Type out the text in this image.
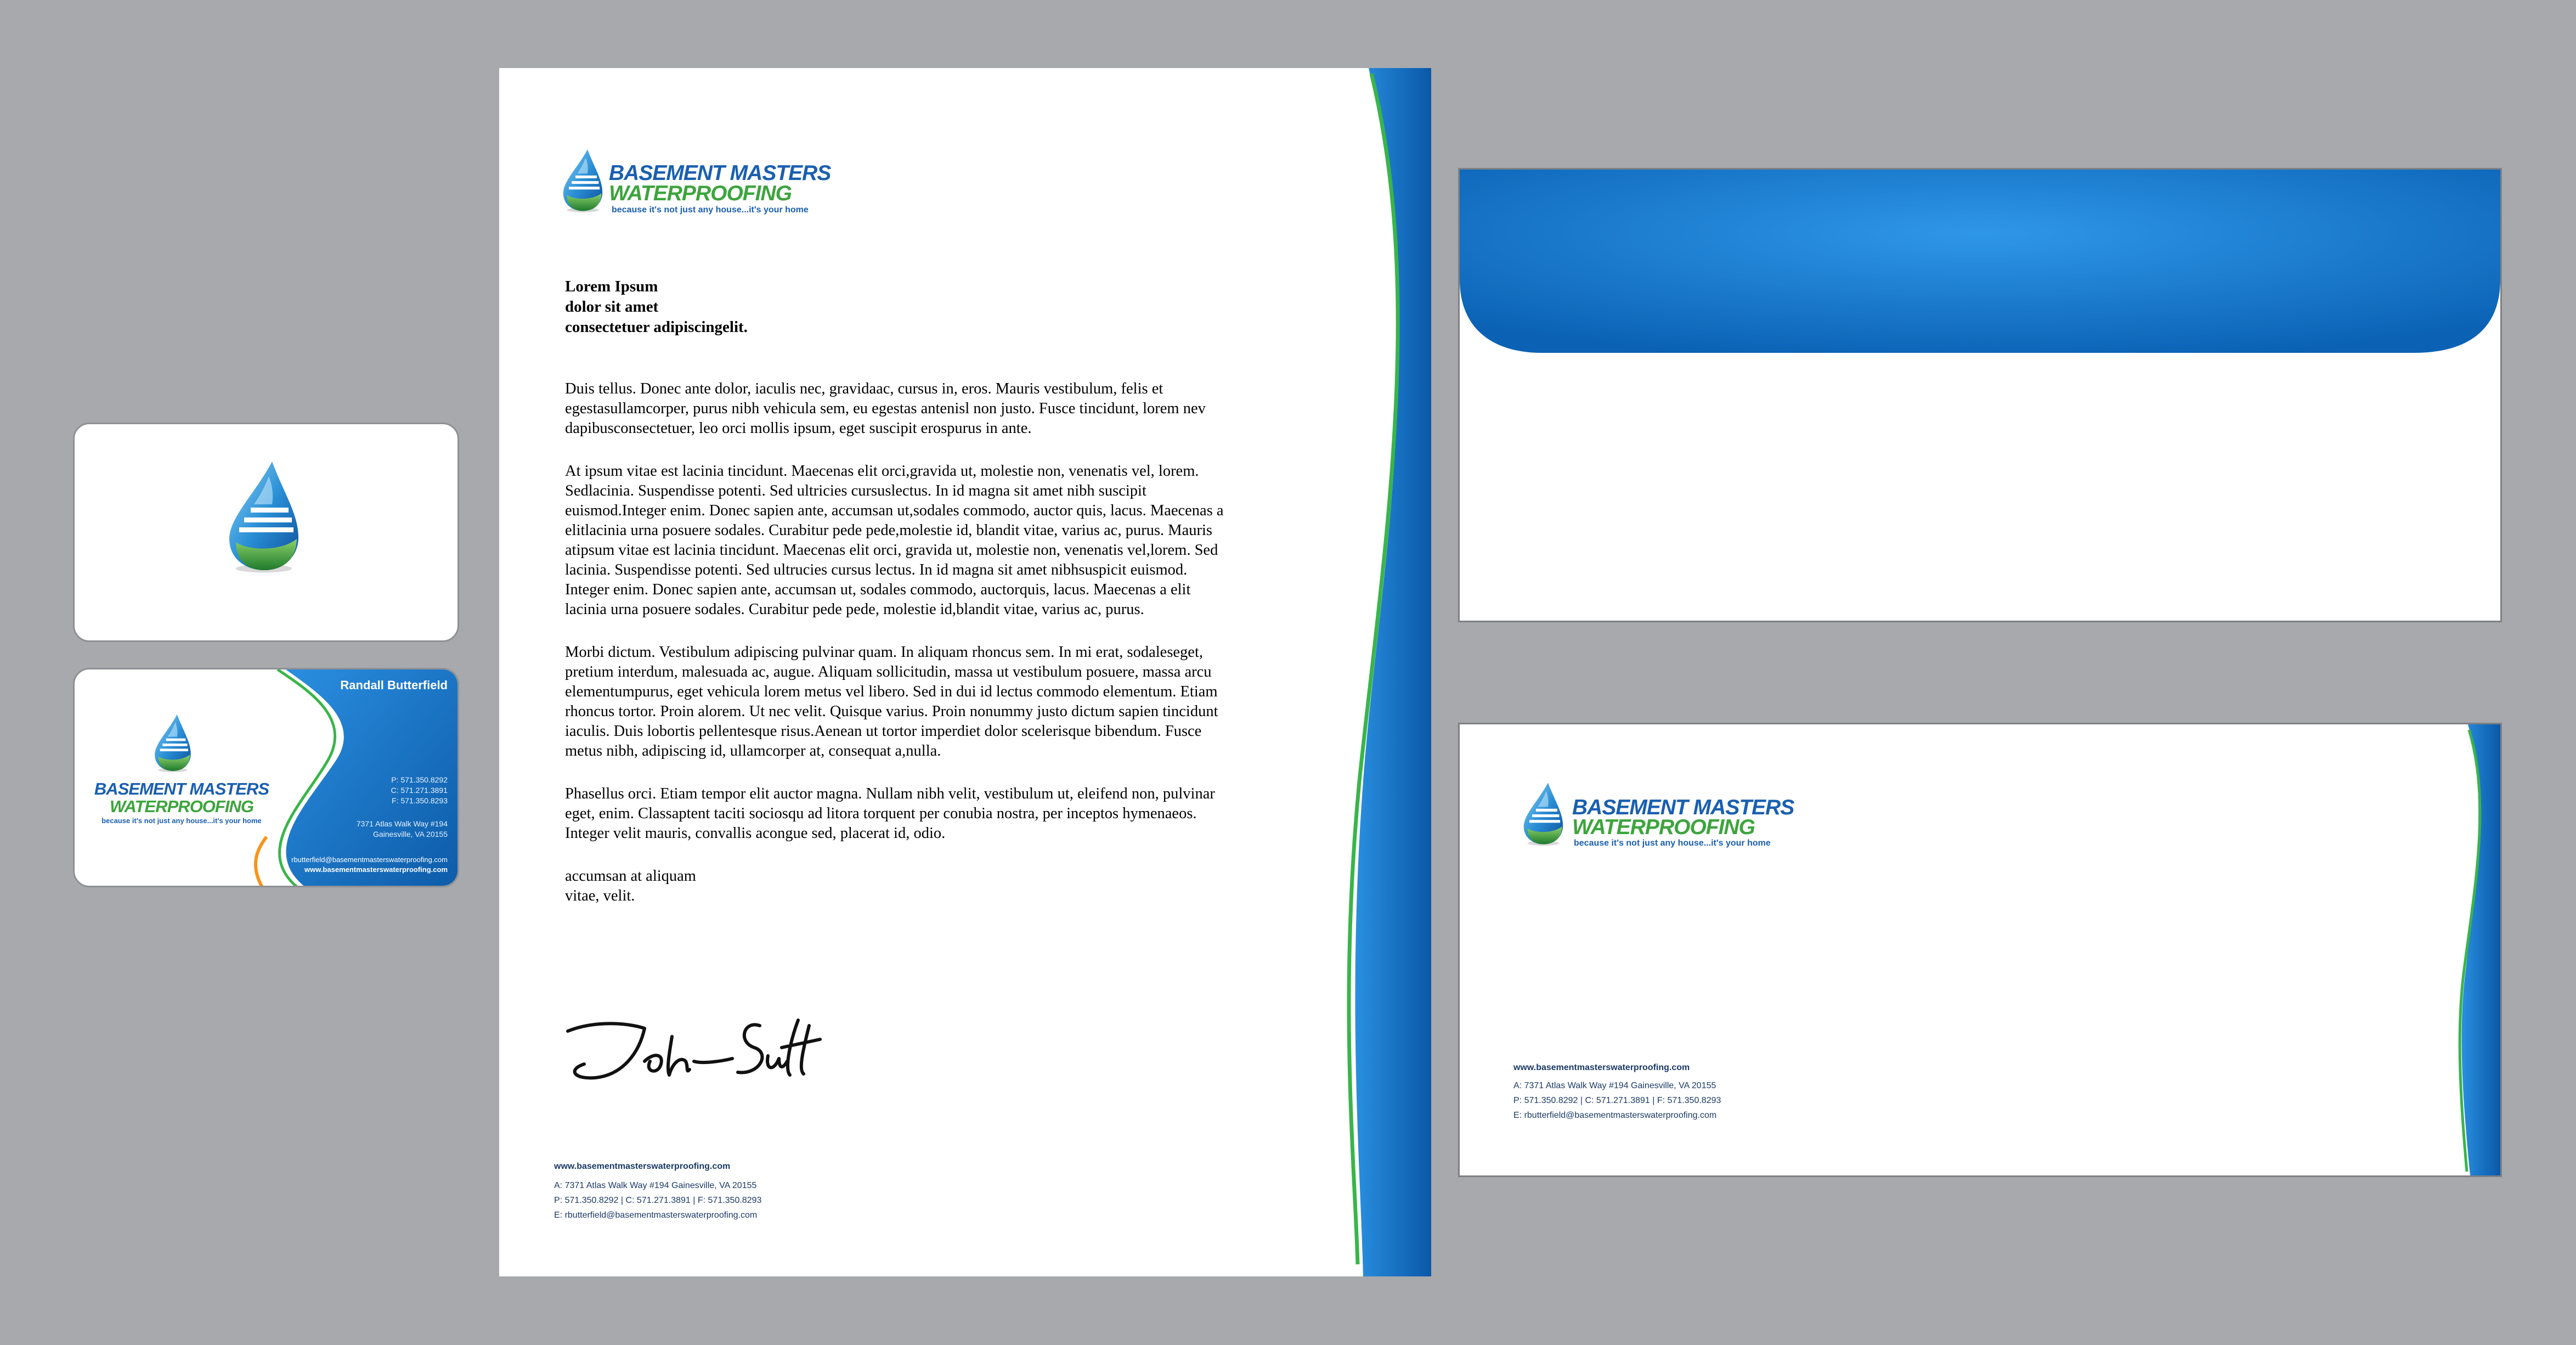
BASEMENT MASTERS
WATERPROOFING
because it's not just any house...it's your home
Randall Butterfield
P: 571.350.8292
C: 571.271.3891
F: 571.350.8293
7371 Atlas Walk Way #194
Gainesville, VA 20155
rbutterfield@basementmasterswaterproofing.com
www.basementmasterswaterproofing.com
BASEMENT MASTERS
WATERPROOFING
because it's not just any house...it's your home
Lorem Ipsum
dolor sit amet
consectetuer adipiscingelit.

Duis tellus. Donec ante dolor, iaculis nec, gravidaac, cursus in, eros. Mauris vestibulum, felis et egestasullamcorper, purus nibh vehicula sem, eu egestas antenisl non justo. Fusce tincidunt, lorem nev dapibusconsectetuer, leo orci mollis ipsum, eget suscipit erospurus in ante.

At ipsum vitae est lacinia tincidunt. Maecenas elit orci,gravida ut, molestie non, venenatis vel, lorem. Sedlacinia. Suspendisse potenti. Sed ultricies cursuslectus. In id magna sit amet nibh suscipit euismod.Integer enim. Donec sapien ante, accumsan ut,sodales commodo, auctor quis, lacus. Maecenas a elitlacinia urna posuere sodales. Curabitur pede pede,molestie id, blandit vitae, varius ac, purus. Mauris atipsum vitae est lacinia tincidunt. Maecenas elit orci, gravida ut, molestie non, venenatis vel,lorem. Sed lacinia. Suspendisse potenti. Sed ultrucies cursus lectus. In id magna sit amet nibhsuspicit euismod. Integer enim. Donec sapien ante, accumsan ut, sodales commodo, auctorquis, lacus. Maecenas a elit lacinia urna posuere sodales. Curabitur pede pede, molestie id,blandit vitae, varius ac, purus.

Morbi dictum. Vestibulum adipiscing pulvinar quam. In aliquam rhoncus sem. In mi erat, sodaleseget, pretium interdum, malesuada ac, augue. Aliquam sollicitudin, massa ut vestibulum posuere, massa arcu elementumpurus, eget vehicula lorem metus vel libero. Sed in dui id lectus commodo elementum. Etiam rhoncus tortor. Proin alorem. Ut nec velit. Quisque varius. Proin nonummy justo dictum sapien tincidunt iaculis. Duis lobortis pellentesque risus.Aenean ut tortor imperdiet dolor scelerisque bibendum. Fusce metus nibh, adipiscing id, ullamcorper at, consequat a,nulla.

Phasellus orci. Etiam tempor elit auctor magna. Nullam nibh velit, vestibulum ut, eleifend non, pulvinar eget, enim. Classaptent taciti sociosqu ad litora torquent per conubia nostra, per inceptos hymenaeos. Integer velit mauris, convallis acongue sed, placerat id, odio.

accumsan at aliquam
vitae, velit.
www.basementmasterswaterproofing.com
A: 7371 Atlas Walk Way #194 Gainesville, VA 20155
P: 571.350.8292 | C: 571.271.3891 | F: 571.350.8293
E: rbutterfield@basementmasterswaterproofing.com
BASEMENT MASTERS
WATERPROOFING
because it's not just any house...it's your home
www.basementmasterswaterproofing.com
A: 7371 Atlas Walk Way #194 Gainesville, VA 20155
P: 571.350.8292 | C: 571.271.3891 | F: 571.350.8293
E: rbutterfield@basementmasterswaterproofing.com
